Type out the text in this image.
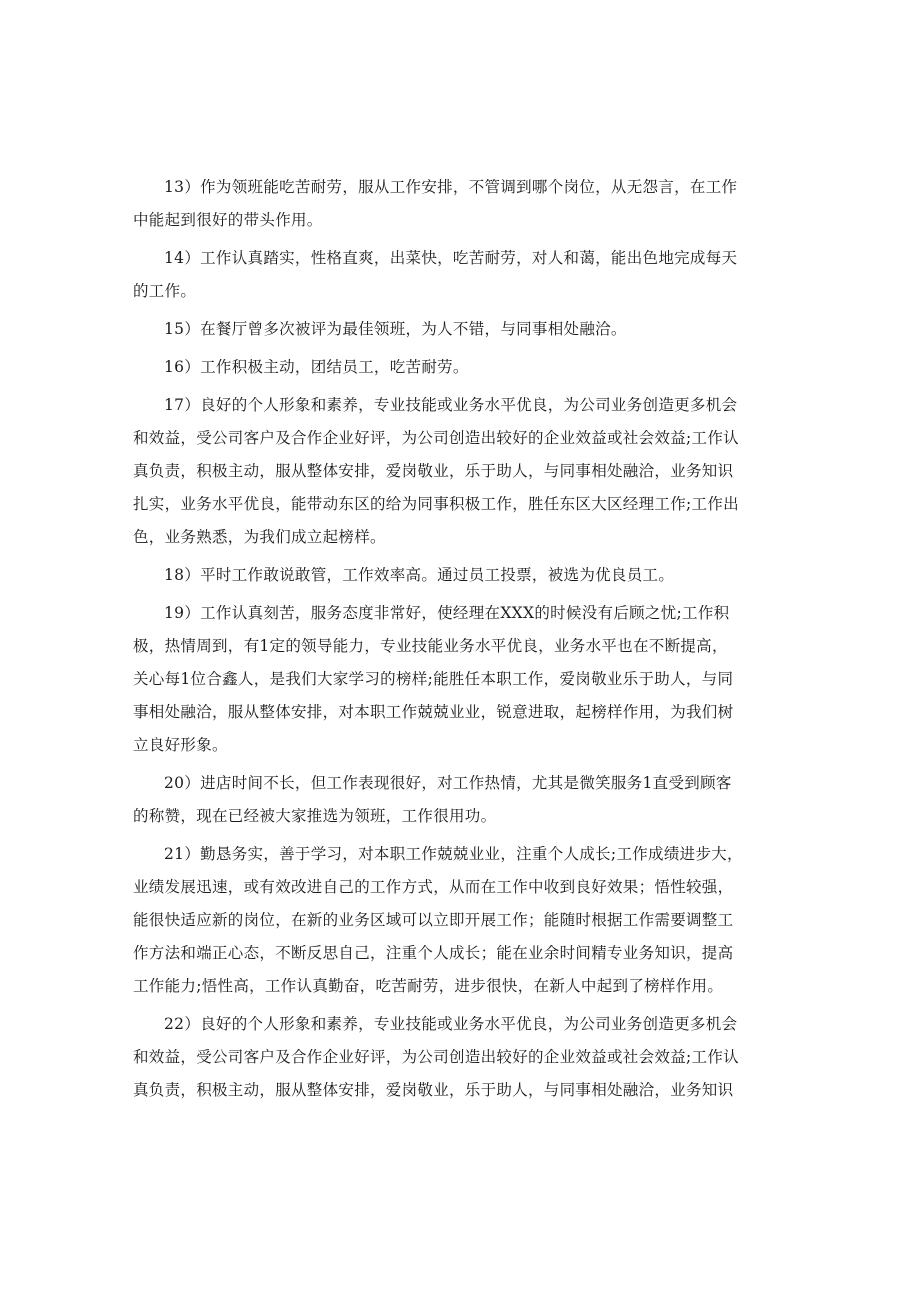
13）作为领班能吃苦耐劳，服从工作安排，不管调到哪个岗位，从无怨言，在工作
中能起到很好的带头作用。

14）工作认真踏实，性格直爽，出菜快，吃苦耐劳，对人和蔼，能出色地完成每天
的工作。

15）在餐厅曾多次被评为最佳领班，为人不错，与同事相处融洽。

16）工作积极主动，团结员工，吃苦耐劳。

17）良好的个人形象和素养，专业技能或业务水平优良，为公司业务创造更多机会
和效益，受公司客户及合作企业好评，为公司创造出较好的企业效益或社会效益;工作认
真负责，积极主动，服从整体安排，爱岗敬业，乐于助人，与同事相处融洽，业务知识
扎实，业务水平优良，能带动东区的给为同事积极工作，胜任东区大区经理工作;工作出
色，业务熟悉，为我们成立起榜样。

18）平时工作敢说敢管，工作效率高。通过员工投票，被选为优良员工。

19）工作认真刻苦，服务态度非常好，使经理在XXX的时候没有后顾之忧;工作积
极，热情周到，有1定的领导能力，专业技能业务水平优良，业务水平也在不断提高，
关心每1位合鑫人，是我们大家学习的榜样;能胜任本职工作，爱岗敬业乐于助人，与同
事相处融洽，服从整体安排，对本职工作兢兢业业，锐意进取，起榜样作用，为我们树
立良好形象。

20）进店时间不长，但工作表现很好，对工作热情，尤其是微笑服务1直受到顾客
的称赞，现在已经被大家推选为领班，工作很用功。

21）勤恳务实，善于学习，对本职工作兢兢业业，注重个人成长;工作成绩进步大，
业绩发展迅速，或有效改进自己的工作方式，从而在工作中收到良好效果；悟性较强，
能很快适应新的岗位，在新的业务区域可以立即开展工作；能随时根据工作需要调整工
作方法和端正心态，不断反思自己，注重个人成长；能在业余时间精专业务知识，提高
工作能力;悟性高，工作认真勤奋，吃苦耐劳，进步很快，在新人中起到了榜样作用。

22）良好的个人形象和素养，专业技能或业务水平优良，为公司业务创造更多机会
和效益，受公司客户及合作企业好评，为公司创造出较好的企业效益或社会效益;工作认
真负责，积极主动，服从整体安排，爱岗敬业，乐于助人，与同事相处融洽，业务知识
